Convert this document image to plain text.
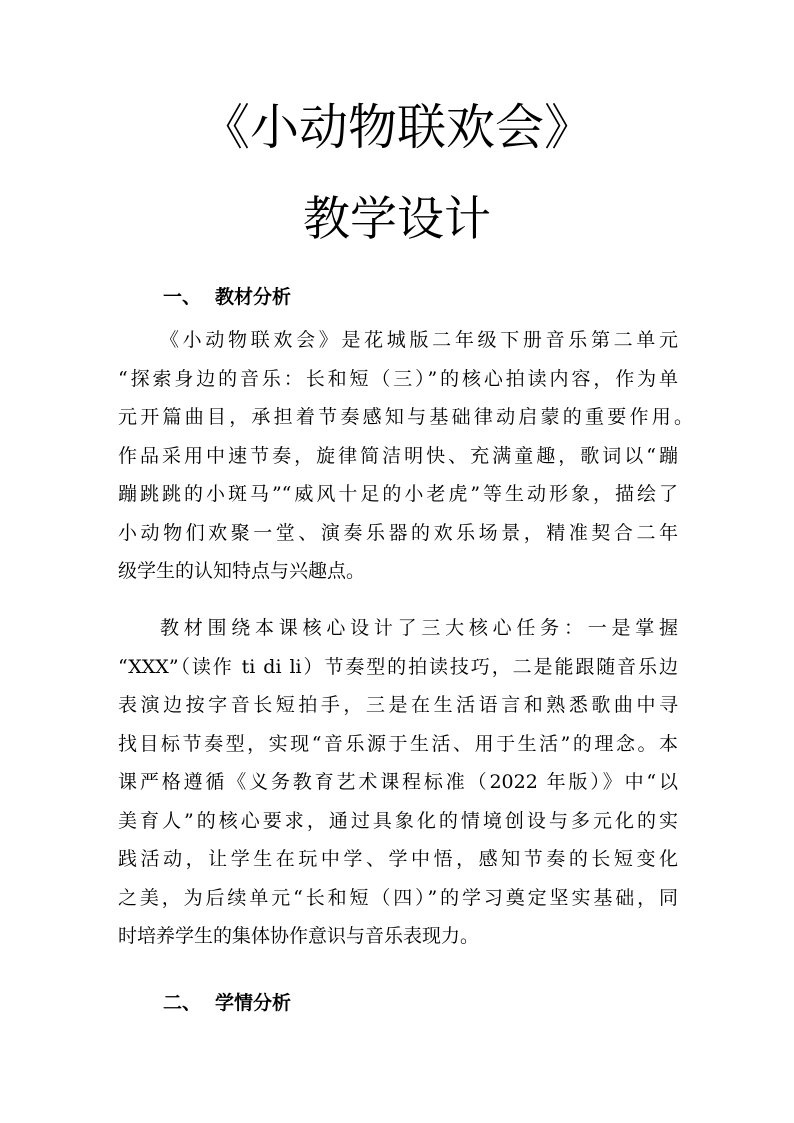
《小动物联欢会》
教学设计
一、 教材分析
《小动物联欢会》是花城版二年级下册音乐第二单元
“探索身边的音乐：长和短（三）”的核心拍读内容，作为单
元开篇曲目，承担着节奏感知与基础律动启蒙的重要作用。
作品采用中速节奏，旋律简洁明快、充满童趣，歌词以“蹦
蹦跳跳的小斑马”“威风十足的小老虎”等生动形象，描绘了
小动物们欢聚一堂、演奏乐器的欢乐场景，精准契合二年
级学生的认知特点与兴趣点。
教材围绕本课核心设计了三大核心任务：一是掌握
“XXX”（读作 ti di li）节奏型的拍读技巧，二是能跟随音乐边
表演边按字音长短拍手，三是在生活语言和熟悉歌曲中寻
找目标节奏型，实现“音乐源于生活、用于生活”的理念。本
课严格遵循《义务教育艺术课程标准（2022 年版）》中“以
美育人”的核心要求，通过具象化的情境创设与多元化的实
践活动，让学生在玩中学、学中悟，感知节奏的长短变化
之美，为后续单元“长和短（四）”的学习奠定坚实基础，同
时培养学生的集体协作意识与音乐表现力。
二、 学情分析
